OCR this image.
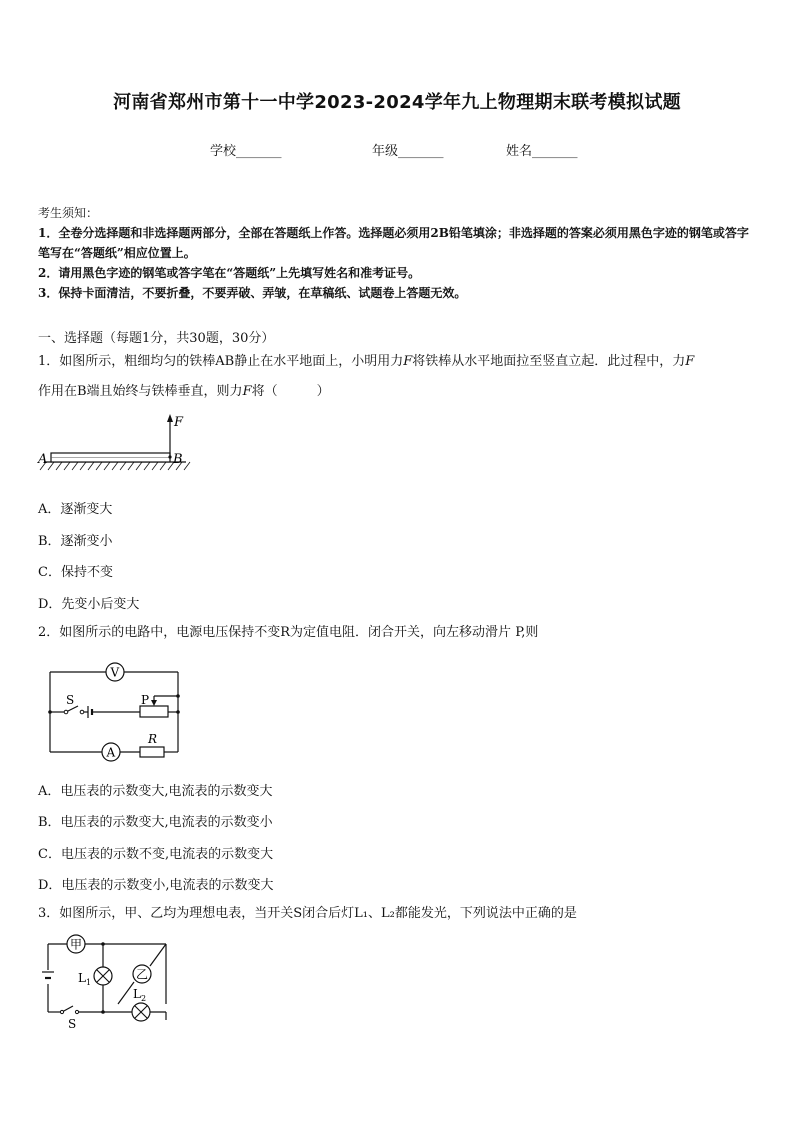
河南省郑州市第十一中学2023-2024学年九上物理期末联考模拟试题
学校_______	年级_______	姓名_______
考生须知：
1．全卷分选择题和非选择题两部分，全部在答题纸上作答。选择题必须用2B铅笔填涂；非选择题的答案必须用黑色字迹的钢笔或答字笔写在“答题纸”相应位置上。
2．请用黑色字迹的钢笔或答字笔在“答题纸”上先填写姓名和准考证号。
3．保持卡面清洁，不要折叠，不要弄破、弄皱，在草稿纸、试题卷上答题无效。
一、选择题（每题1分，共30题，30分）
1．如图所示，粗细均匀的铁棒AB静止在水平地面上，小明用力F将铁棒从水平地面拉至竖直立起．此过程中，力F
作用在B端且始终与铁棒垂直，则力F将（　　　）
A	B
F
A．逐渐变大
B．逐渐变小
C．保持不变
D．先变小后变大
2．如图所示的电路中，电源电压保持不变R为定值电阻．闭合开关，向左移动滑片 P,则
V
A
R
S	P
A．电压表的示数变大,电流表的示数变大
B．电压表的示数变大,电流表的示数变小
C．电压表的示数不变,电流表的示数变大
D．电压表的示数变小,电流表的示数变大
3．如图所示，甲、乙均为理想电表，当开关S闭合后灯L₁、L₂都能发光，下列说法中正确的是
甲
$L_1$
乙
$L_2$
S
